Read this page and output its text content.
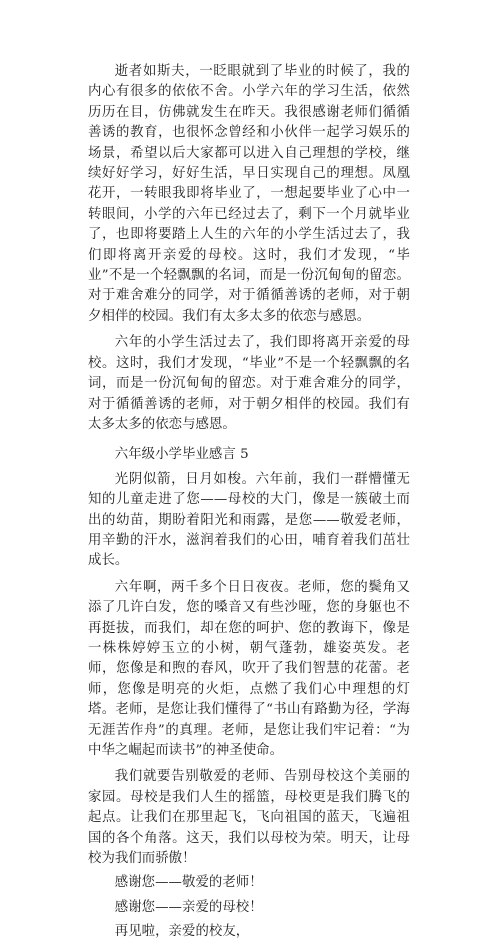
逝者如斯夫，一眨眼就到了毕业的时候了，我的内心有很多的依依不舍。小学六年的学习生活，依然历历在目，仿佛就发生在昨天。我很感谢老师们循循善诱的教育，也很怀念曾经和小伙伴一起学习娱乐的场景，希望以后大家都可以进入自己理想的学校，继续好好学习，好好生活，早日实现自己的理想。凤凰花开，一转眼我即将毕业了，一想起要毕业了心中一转眼间，小学的六年已经过去了，剩下一个月就毕业了，也即将要踏上人生的六年的小学生活过去了，我们即将离开亲爱的母校。这时，我们才发现，“毕业”不是一个轻飘飘的名词，而是一份沉甸甸的留恋。对于难舍难分的同学，对于循循善诱的老师，对于朝夕相伴的校园。我们有太多太多的依恋与感恩。

六年的小学生活过去了，我们即将离开亲爱的母校。这时，我们才发现，“毕业”不是一个轻飘飘的名词，而是一份沉甸甸的留恋。对于难舍难分的同学，对于循循善诱的老师，对于朝夕相伴的校园。我们有太多太多的依恋与感恩。

六年级小学毕业感言 5

光阴似箭，日月如梭。六年前，我们一群懵懂无知的儿童走进了您——母校的大门，像是一簇破土而出的幼苗，期盼着阳光和雨露，是您——敬爱老师，用辛勤的汗水，滋润着我们的心田，哺育着我们茁壮成长。

六年啊，两千多个日日夜夜。老师，您的鬓角又添了几许白发，您的嗓音又有些沙哑，您的身躯也不再挺拔，而我们，却在您的呵护、您的教诲下，像是一株株婷婷玉立的小树，朝气蓬勃，雄姿英发。老师，您像是和煦的春风，吹开了我们智慧的花蕾。老师，您像是明亮的火炬，点燃了我们心中理想的灯塔。老师，是您让我们懂得了“书山有路勤为径，学海无涯苦作舟”的真理。老师，是您让我们牢记着：“为中华之崛起而读书”的神圣使命。

我们就要告别敬爱的老师、告别母校这个美丽的家园。母校是我们人生的摇篮，母校更是我们腾飞的起点。让我们在那里起飞，飞向祖国的蓝天，飞遍祖国的各个角落。这天，我们以母校为荣。明天，让母校为我们而骄傲！

感谢您——敬爱的老师！

感谢您——亲爱的母校！

再见啦，亲爱的校友，
